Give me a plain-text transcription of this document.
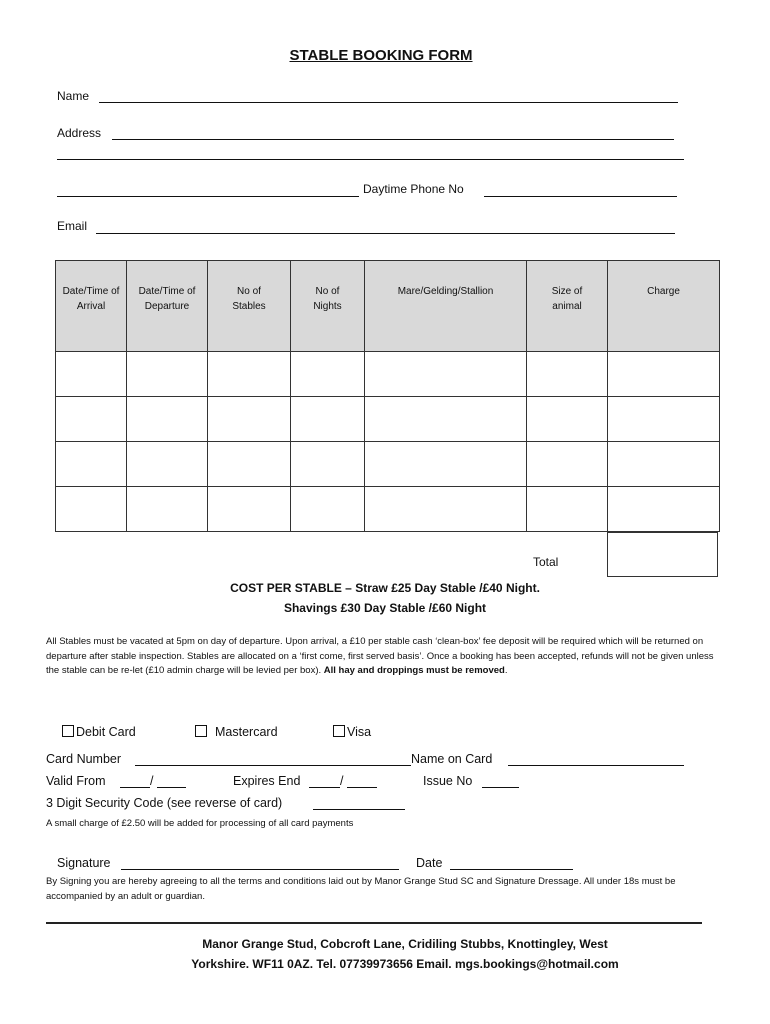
STABLE BOOKING FORM
Name
Address
Daytime Phone No
Email
Date/Time of Arrival	Date/Time of Departure	No of Stables	No of Nights	Mare/Gelding/Stallion	Size of animal	Charge

Total
COST PER STABLE – Straw £25 Day Stable /£40 Night.
Shavings £30 Day Stable /£60 Night
All Stables must be vacated at 5pm on day of departure. Upon arrival, a £10 per stable cash ‘clean-box’ fee deposit will be required which will be returned on departure after stable inspection. Stables are allocated on a ‘first come, first served basis’. Once a booking has been accepted, refunds will not be given unless the stable can be re-let (£10 admin charge will be levied per box). All hay and droppings must be removed.
Debit Card	Mastercard	Visa
Card Number	Name on Card
Valid From	/	Expires End	/	Issue No
3 Digit Security Code (see reverse of card)
A small charge of £2.50 will be added for processing of all card payments
Signature	Date
By Signing you are hereby agreeing to all the terms and conditions laid out by Manor Grange Stud SC and Signature Dressage. All under 18s must be accompanied by an adult or guardian.
Manor Grange Stud, Cobcroft Lane, Cridiling Stubbs, Knottingley, West
Yorkshire. WF11 0AZ. Tel. 07739973656 Email. mgs.bookings@hotmail.com
